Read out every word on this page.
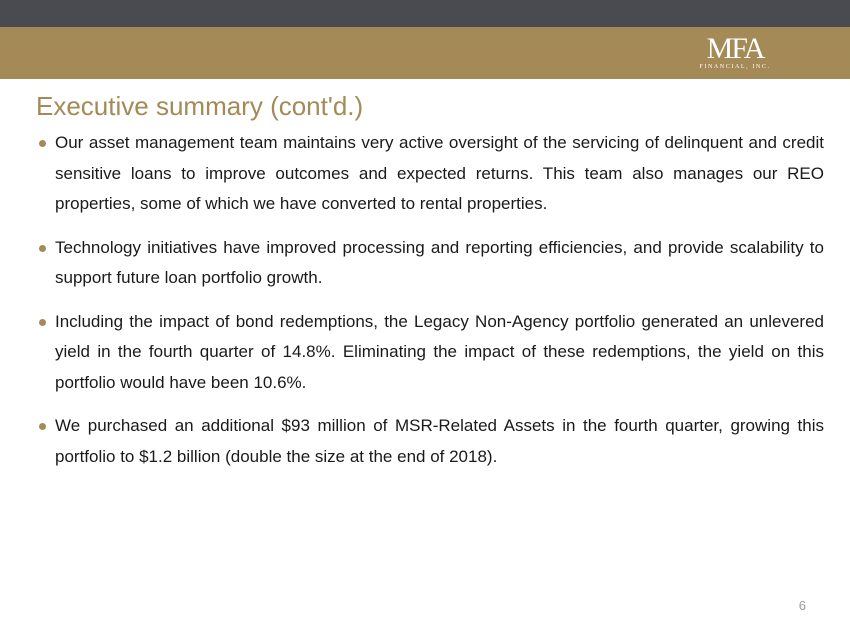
MFA
FINANCIAL, INC.
Executive summary (cont'd.)
Our asset management team maintains very active oversight of the servicing of delinquent and credit sensitive loans to improve outcomes and expected returns. This team also manages our REO properties, some of which we have converted to rental properties.
Technology initiatives have improved processing and reporting efficiencies, and provide scalability to support future loan portfolio growth.
Including the impact of bond redemptions, the Legacy Non-Agency portfolio generated an unlevered yield in the fourth quarter of 14.8%. Eliminating the impact of these redemptions, the yield on this portfolio would have been 10.6%.
We purchased an additional $93 million of MSR-Related Assets in the fourth quarter, growing this portfolio to $1.2 billion (double the size at the end of 2018).
6
